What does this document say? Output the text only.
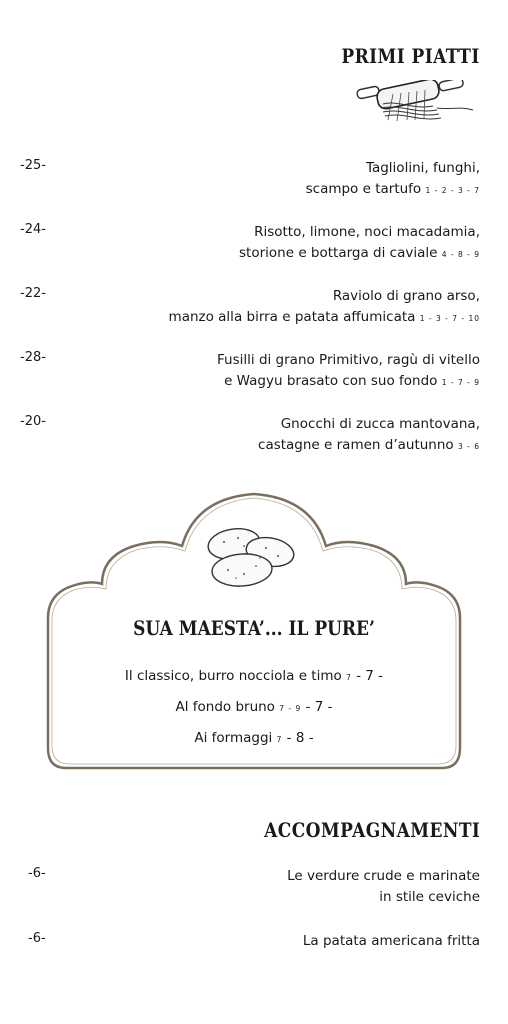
PRIMI PIATTI
-25-	Tagliolini, funghi,
scampo e tartufo 1 - 2 - 3 - 7
-24-	Risotto, limone, noci macadamia,
storione e bottarga di caviale 4 - 8 - 9
-22-	Raviolo di grano arso,
manzo alla birra e patata affumicata 1 - 3 - 7 - 10
-28-	Fusilli di grano Primitivo, ragù di vitello
e Wagyu brasato con suo fondo 1 - 7 - 9
-20-	Gnocchi di zucca mantovana,
castagne e ramen d’autunno 3 - 6
SUA MAESTA’... IL PURE’
Il classico, burro nocciola e timo 7 - 7 -
Al fondo bruno 7 - 9 - 7 -
Ai formaggi 7 - 8 -
ACCOMPAGNAMENTI
-6-	Le verdure crude e marinate
in stile ceviche
-6-	La patata americana fritta
